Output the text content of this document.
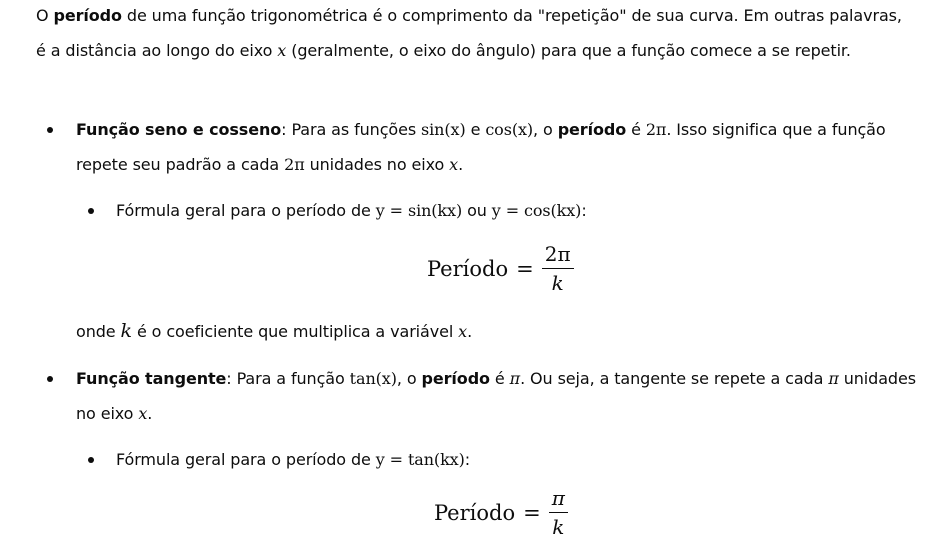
O período de uma função trigonométrica é o comprimento da "repetição" de sua curva. Em outras palavras, é a distância ao longo do eixo x (geralmente, o eixo do ângulo) para que a função comece a se repetir.

Função seno e cosseno: Para as funções sin(x) e cos(x), o período é 2π. Isso significa que a função repete seu padrão a cada 2π unidades no eixo x.
Fórmula geral para o período de y = sin(kx) ou y = cos(kx):
Período = $\frac{2\pi}{k}$
onde k é o coeficiente que multiplica a variável x.
Função tangente: Para a função tan(x), o período é π. Ou seja, a tangente se repete a cada π unidades no eixo x.
Fórmula geral para o período de y = tan(kx):
Período = $\frac{\pi}{k}$
